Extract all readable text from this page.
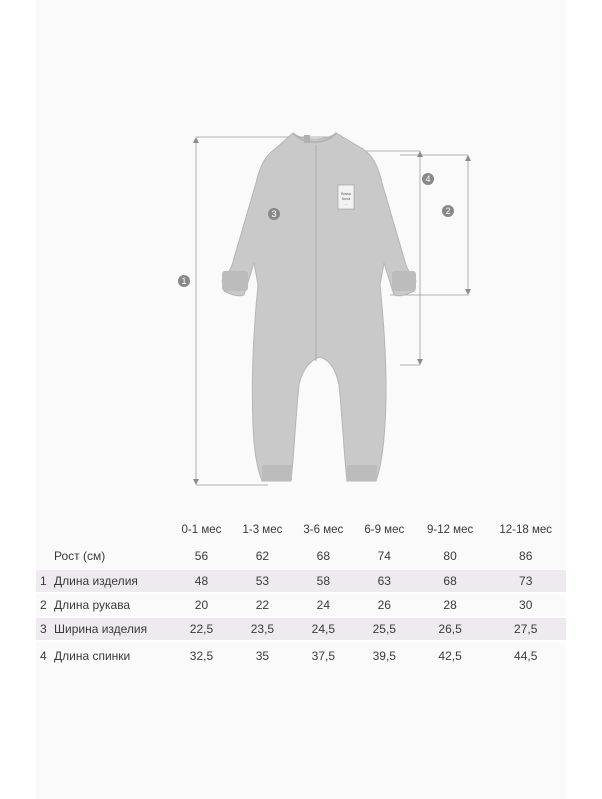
Bossa
Nova
...
1
2
3
4
	0-1 мес	1-3 мес	3-6 мес	6-9 мес	9-12 мес	12-18 мес
Рост (см)	56	62	68	74	80	86
1 Длина изделия	48	53	58	63	68	73
2 Длина рукава	20	22	24	26	28	30
3 Ширина изделия	22,5	23,5	24,5	25,5	26,5	27,5
4 Длина спинки	32,5	35	37,5	39,5	42,5	44,5
